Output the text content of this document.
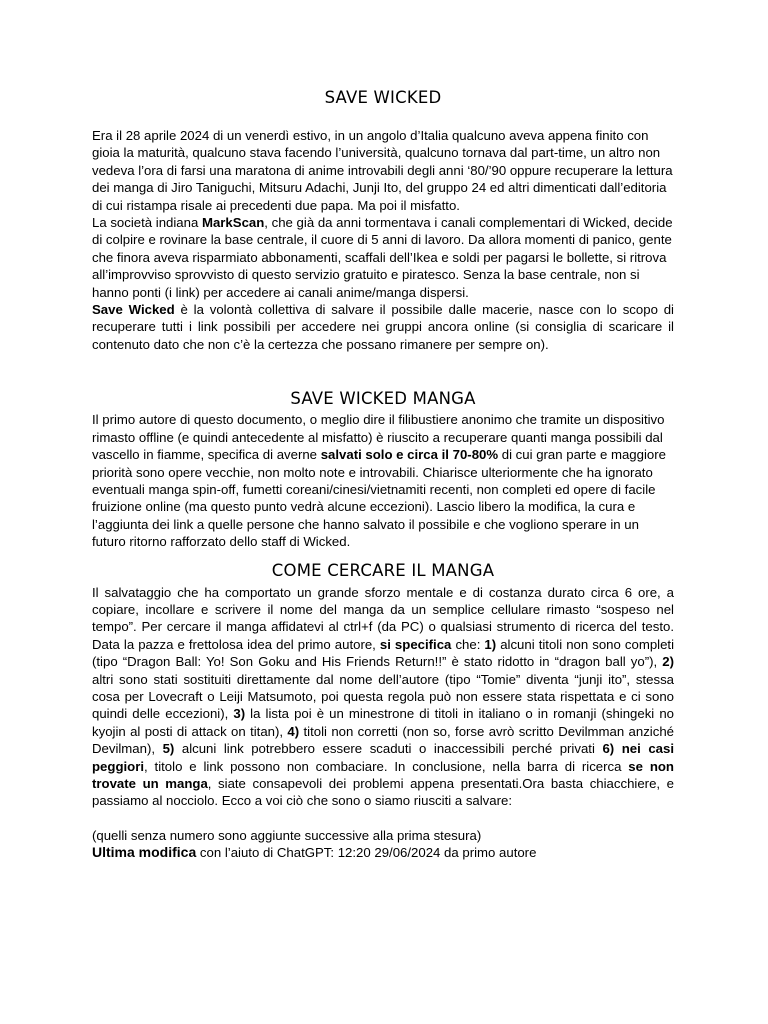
SAVE WICKED

Era il 28 aprile 2024 di un venerdì estivo, in un angolo d’Italia qualcuno aveva appena finito con gioia la maturità, qualcuno stava facendo l’università, qualcuno tornava dal part-time, un altro non vedeva l’ora di farsi una maratona di anime introvabili degli anni ‘80/’90 oppure recuperare la lettura dei manga di Jiro Taniguchi, Mitsuru Adachi, Junji Ito, del gruppo 24 ed altri dimenticati dall’editoria di cui ristampa risale ai precedenti due papa. Ma poi il misfatto.

La società indiana MarkScan, che già da anni tormentava i canali complementari di Wicked, decide di colpire e rovinare la base centrale, il cuore di 5 anni di lavoro. Da allora momenti di panico, gente che finora aveva risparmiato abbonamenti, scaffali dell’Ikea e soldi per pagarsi le bollette, si ritrova all’improvviso sprovvisto di questo servizio gratuito e piratesco. Senza la base centrale, non si hanno ponti (i link) per accedere ai canali anime/manga dispersi.

Save Wicked è la volontà collettiva di salvare il possibile dalle macerie, nasce con lo scopo di recuperare tutti i link possibili per accedere nei gruppi ancora online (si consiglia di scaricare il contenuto dato che non c’è la certezza che possano rimanere per sempre on).

SAVE WICKED MANGA

Il primo autore di questo documento, o meglio dire il filibustiere anonimo che tramite un dispositivo rimasto offline (e quindi antecedente al misfatto) è riuscito a recuperare quanti manga possibili dal vascello in fiamme, specifica di averne salvati solo e circa il 70-80% di cui gran parte e maggiore priorità sono opere vecchie, non molto note e introvabili. Chiarisce ulteriormente che ha ignorato eventuali manga spin-off, fumetti coreani/cinesi/vietnamiti recenti, non completi ed opere di facile fruizione online (ma questo punto vedrà alcune eccezioni). Lascio libero la modifica, la cura e l’aggiunta dei link a quelle persone che hanno salvato il possibile e che vogliono sperare in un futuro ritorno rafforzato dello staff di Wicked.

COME CERCARE IL MANGA

Il salvataggio che ha comportato un grande sforzo mentale e di costanza durato circa 6 ore, a copiare, incollare e scrivere il nome del manga da un semplice cellulare rimasto “sospeso nel tempo”. Per cercare il manga affidatevi al ctrl+f (da PC) o qualsiasi strumento di ricerca del testo. Data la pazza e frettolosa idea del primo autore, si specifica che: 1) alcuni titoli non sono completi (tipo “Dragon Ball: Yo! Son Goku and His Friends Return!!” è stato ridotto in “dragon ball yo”), 2) altri sono stati sostituiti direttamente dal nome dell’autore (tipo “Tomie” diventa “junji ito”, stessa cosa per Lovecraft o Leiji Matsumoto, poi questa regola può non essere stata rispettata e ci sono quindi delle eccezioni), 3) la lista poi è un minestrone di titoli in italiano o in romanji (shingeki no kyojin al posti di attack on titan), 4) titoli non corretti (non so, forse avrò scritto Devilmman anziché Devilman), 5) alcuni link potrebbero essere scaduti o inaccessibili perché privati 6) nei casi peggiori, titolo e link possono non combaciare. In conclusione, nella barra di ricerca se non trovate un manga, siate consapevoli dei problemi appena presentati.Ora basta chiacchiere, e passiamo al nocciolo. Ecco a voi ciò che sono o siamo riusciti a salvare:

(quelli senza numero sono aggiunte successive alla prima stesura)

Ultima modifica con l’aiuto di ChatGPT: 12:20 29/06/2024 da primo autore
